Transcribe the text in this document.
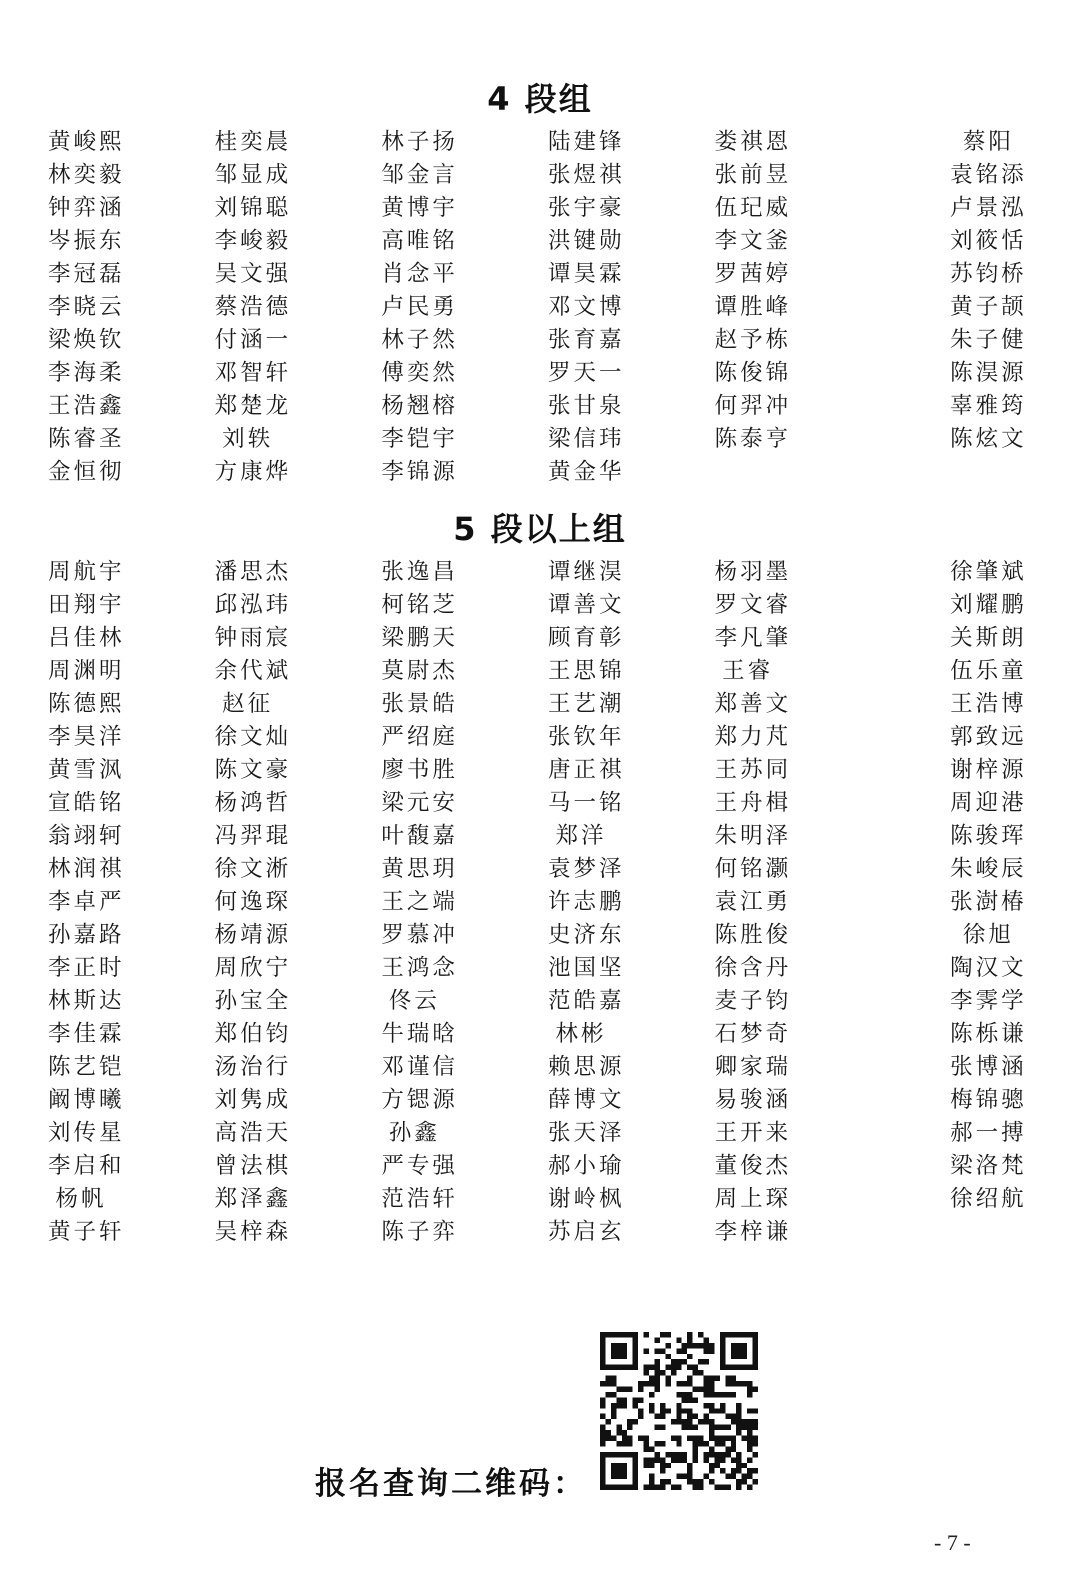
4 段组
黄峻熙	桂奕晨	林子扬	陆建锋	娄祺恩	蔡阳
林奕毅	邹显成	邹金言	张煜祺	张前昱	袁铭添
钟弈涵	刘锦聪	黄博宇	张宇豪	伍玘威	卢景泓
岑振东	李峻毅	高唯铭	洪键勋	李文釜	刘筱恬
李冠磊	吴文强	肖念平	谭昊霖	罗茜婷	苏钧桥
李晓云	蔡浩德	卢民勇	邓文博	谭胜峰	黄子颉
梁焕钦	付涵一	林子然	张育嘉	赵予栋	朱子健
李海柔	邓智轩	傅奕然	罗天一	陈俊锦	陈淏源
王浩鑫	郑楚龙	杨翘榕	张甘泉	何羿冲	辜雅筠
陈睿圣	刘轶	李铠宇	梁信玮	陈泰亨	陈炫文
金恒彻	方康烨	李锦源	黄金华
5 段以上组
周航宇	潘思杰	张逸昌	谭继淏	杨羽墨	徐肇斌
田翔宇	邱泓玮	柯铭芝	谭善文	罗文睿	刘耀鹏
吕佳林	钟雨宸	梁鹏天	顾育彰	李凡肇	关斯朗
周渊明	余代斌	莫尉杰	王思锦	王睿	伍乐童
陈德熙	赵征	张景皓	王艺潮	郑善文	王浩博
李昊洋	徐文灿	严绍庭	张钦年	郑力芃	郭致远
黄雪沨	陈文豪	廖书胜	唐正祺	王苏同	谢梓源
宣皓铭	杨鸿哲	梁元安	马一铭	王舟楫	周迎港
翁翊轲	冯羿琨	叶馥嘉	郑洋	朱明泽	陈骏珲
林润祺	徐文淅	黄思玥	袁梦泽	何铭灏	朱峻辰
李卓严	何逸琛	王之端	许志鹏	袁江勇	张澍椿
孙嘉路	杨靖源	罗慕冲	史济东	陈胜俊	徐旭
李正时	周欣宁	王鸿念	池国坚	徐含丹	陶汉文
林斯达	孙宝全	佟云	范皓嘉	麦子钧	李霁学
李佳霖	郑伯钧	牛瑞晗	林彬	石梦奇	陈栎谦
陈艺铠	汤治行	邓谨信	赖思源	卿家瑞	张博涵
阚博曦	刘隽成	方锶源	薛博文	易骏涵	梅锦骢
刘传星	高浩天	孙鑫	张天泽	王开来	郝一搏
李启和	曾法棋	严专强	郝小瑜	董俊杰	梁洛梵
杨帆	郑泽鑫	范浩轩	谢岭枫	周上琛	徐绍航
黄子轩	吴梓森	陈子弈	苏启玄	李梓谦
报名查询二维码：
- 7 -
